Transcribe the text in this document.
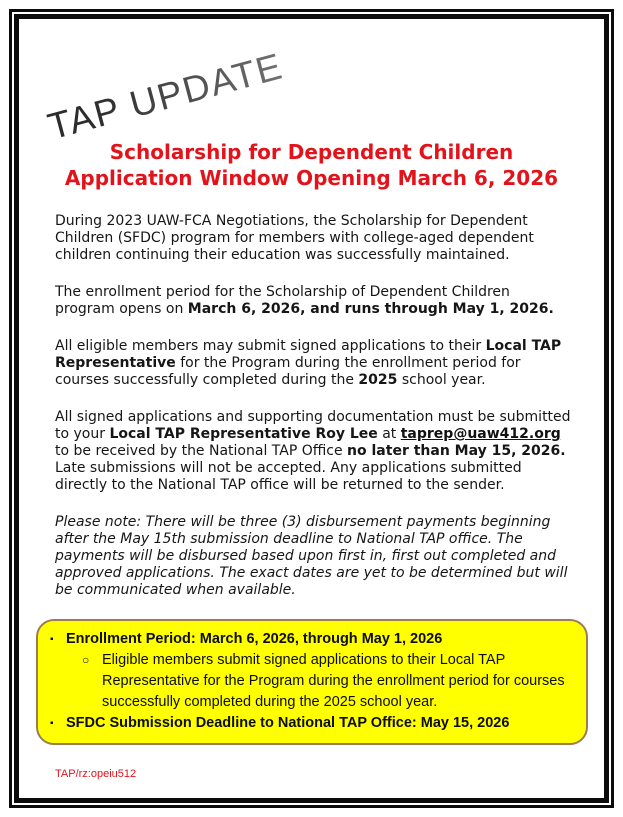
TAP UPDATE
Scholarship for Dependent Children
Application Window Opening March 6, 2026

During 2023 UAW-FCA Negotiations, the Scholarship for Dependent Children (SFDC) program for members with college-aged dependent children continuing their education was successfully maintained.

The enrollment period for the Scholarship of Dependent Children program opens on March 6, 2026, and runs through May 1, 2026.

All eligible members may submit signed applications to their Local TAP Representative for the Program during the enrollment period for courses successfully completed during the 2025 school year.

All signed applications and supporting documentation must be submitted to your Local TAP Representative Roy Lee at taprep@uaw412.org to be received by the National TAP Office no later than May 15, 2026. Late submissions will not be accepted. Any applications submitted directly to the National TAP office will be returned to the sender.

Please note: There will be three (3) disbursement payments beginning after the May 15th submission deadline to National TAP office. The payments will be disbursed based upon first in, first out completed and approved applications. The exact dates are yet to be determined but will be communicated when available.

▪ Enrollment Period: March 6, 2026, through May 1, 2026
○ Eligible members submit signed applications to their Local TAP Representative for the Program during the enrollment period for courses successfully completed during the 2025 school year.
▪ SFDC Submission Deadline to National TAP Office: May 15, 2026
TAP/rz:opeiu512
